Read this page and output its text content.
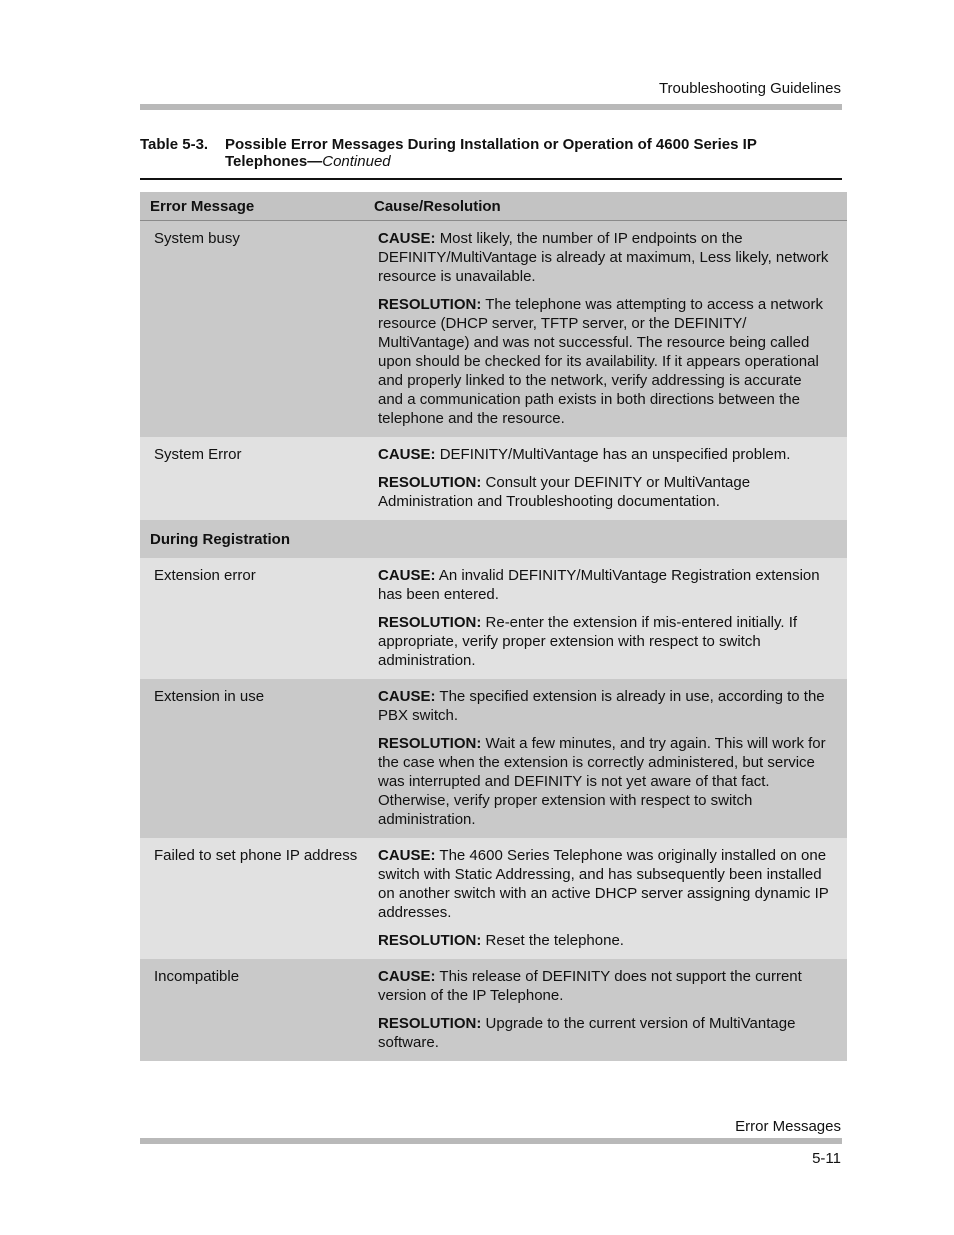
Troubleshooting Guidelines
Table 5-3. Possible Error Messages During Installation or Operation of 4600 Series IP Telephones—Continued
Error Message	Cause/Resolution
System busy	CAUSE: Most likely, the number of IP endpoints on the DEFINITY/MultiVantage is already at maximum, Less likely, network resource is unavailable.

RESOLUTION: The telephone was attempting to access a network resource (DHCP server, TFTP server, or the DEFINITY/ MultiVantage) and was not successful. The resource being called upon should be checked for its availability. If it appears operational and properly linked to the network, verify addressing is accurate and a communication path exists in both directions between the telephone and the resource.

System Error	CAUSE: DEFINITY/MultiVantage has an unspecified problem.

RESOLUTION: Consult your DEFINITY or MultiVantage Administration and Troubleshooting documentation.

During Registration
Extension error	CAUSE: An invalid DEFINITY/MultiVantage Registration extension has been entered.

RESOLUTION: Re-enter the extension if mis-entered initially. If appropriate, verify proper extension with respect to switch administration.

Extension in use	CAUSE: The specified extension is already in use, according to the PBX switch.

RESOLUTION: Wait a few minutes, and try again. This will work for the case when the extension is correctly administered, but service was interrupted and DEFINITY is not yet aware of that fact. Otherwise, verify proper extension with respect to switch administration.

Failed to set phone IP address	CAUSE: The 4600 Series Telephone was originally installed on one switch with Static Addressing, and has subsequently been installed on another switch with an active DHCP server assigning dynamic IP addresses.

RESOLUTION: Reset the telephone.

Incompatible	CAUSE: This release of DEFINITY does not support the current version of the IP Telephone.

RESOLUTION: Upgrade to the current version of MultiVantage software.

Error Messages
5-11
